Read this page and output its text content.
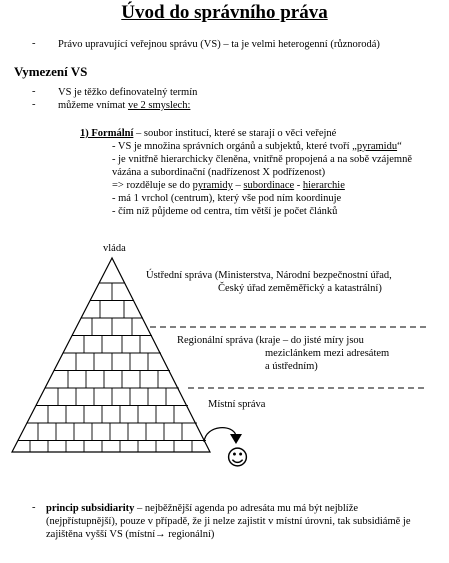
Úvod do správního práva
- Právo upravující veřejnou správu (VS) – ta je velmi heterogenní (různorodá)
Vymezení VS
- VS je těžko definovatelný termín
- můžeme vnímat ve 2 smyslech:
1) Formální – soubor institucí, které se starají o věci veřejné
- VS je množina správních orgánů a subjektů, které tvoří „pyramidu“
- je vnitřně hierarchicky členěna, vnitřně propojená a na sobě vzájemně
vázána a subordinační (nadřízenost X podřízenost)
=> rozděluje se do pyramidy – subordinace - hierarchie
- má 1 vrchol (centrum), který vše pod ním koordinuje
- čím níž půjdeme od centra, tím větší je počet článků
vláda
Ústřední správa (Ministerstva, Národní bezpečnostní úřad,
Český úřad zeměměřický a katastrální)
Regionální správa (kraje – do jisté míry jsou
meziclánkem mezi adresátem
a ústředním)
Místní správa
☺
- princip subsidiarity – nejběžnější agenda po adresáta mu má být nejblíže
(nejpřístupnější), pouze v případě, že ji nelze zajistit v místní úrovni, tak subsidiámě je
zajištěna vyšší VS (místní→ regionální)
